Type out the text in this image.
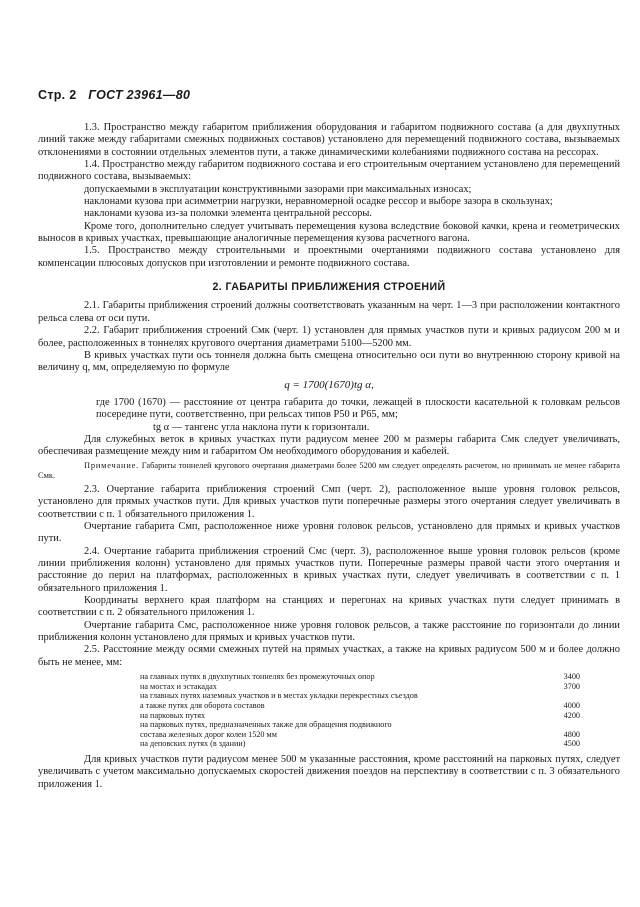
Стр. 2 ГОСТ 23961—80

1.3. Пространство между габаритом приближения оборудования и габаритом подвижного состава (а для двухпутных линий также между габаритами смежных подвижных составов) установлено для перемещений подвижного состава, вызываемых отклонениями в состоянии отдельных элементов пути, а также динамическими колебаниями подвижного состава на рессорах.

1.4. Пространство между габаритом подвижного состава и его строительным очертанием установлено для перемещений подвижного состава, вызываемых:

допускаемыми в эксплуатации конструктивными зазорами при максимальных износах;

наклонами кузова при асимметрии нагрузки, неравномерной осадке рессор и выборе зазора в скользунах;

наклонами кузова из-за поломки элемента центральной рессоры.

Кроме того, дополнительно следует учитывать перемещения кузова вследствие боковой качки, крена и геометрических выносов в кривых участках, превышающие аналогичные перемещения кузова расчетного вагона.

1.5. Пространство между строительными и проектными очертаниями подвижного состава установлено для компенсации плюсовых допусков при изготовлении и ремонте подвижного состава.

2. ГАБАРИТЫ ПРИБЛИЖЕНИЯ СТРОЕНИЙ

2.1. Габариты приближения строений должны соответствовать указанным на черт. 1—3 при расположении контактного рельса слева от оси пути.

2.2. Габарит приближения строений Смк (черт. 1) установлен для прямых участков пути и кривых радиусом 200 м и более, расположенных в тоннелях кругового очертания диаметрами 5100—5200 мм.

В кривых участках пути ось тоннеля должна быть смещена относительно оси пути во внутреннюю сторону кривой на величину q, мм, определяемую по формуле

q = 1700(1670)tg α,

где 1700 (1670) — расстояние от центра габарита до точки, лежащей в плоскости касательной к головкам рельсов посередине пути, соответственно, при рельсах типов Р50 и Р65, мм;

tg α — тангенс угла наклона пути к горизонтали.

Для служебных веток в кривых участках пути радиусом менее 200 м размеры габарита Смк следует увеличивать, обеспечивая размещение между ним и габаритом Ом необходимого оборудования и кабелей.

Примечание. Габариты тоннелей кругового очертания диаметрами более 5200 мм следует определять расчетом, но принимать не менее габарита Смк.

2.3. Очертание габарита приближения строений Смп (черт. 2), расположенное выше уровня головок рельсов, установлено для прямых участков пути. Для кривых участков пути поперечные размеры этого очертания следует увеличивать в соответствии с п. 1 обязательного приложения 1.

Очертание габарита Смп, расположенное ниже уровня головок рельсов, установлено для прямых и кривых участков пути.

2.4. Очертание габарита приближения строений Смс (черт. 3), расположенное выше уровня головок рельсов (кроме линии приближения колонн) установлено для прямых участков пути. Поперечные размеры правой части этого очертания и расстояние до перил на платформах, расположенных в кривых участках пути, следует увеличивать в соответствии с п. 1 обязательного приложения 1.

Координаты верхнего края платформ на станциях и перегонах на кривых участках пути следует принимать в соответствии с п. 2 обязательного приложения 1.

Очертание габарита Смс, расположенное ниже уровня головок рельсов, а также расстояние по горизонтали до линии приближения колонн установлено для прямых и кривых участков пути.

2.5. Расстояние между осями смежных путей на прямых участках, а также на кривых радиусом 500 м и более должно быть не менее, мм:

на главных путях в двухпутных тоннелях без промежуточных опор	3400
на мостах и эстакадах	3700
на главных путях наземных участков и в местах укладки перекрестных съездов	
а также путях для оборота составов	4000
на парковых путях	4200
на парковых путях, предназначенных также для обращения подвижного	
состава железных дорог колеи 1520 мм	4800
на деповских путях (в здании)	4500

Для кривых участков пути радиусом менее 500 м указанные расстояния, кроме расстояний на парковых путях, следует увеличивать с учетом максимально допускаемых скоростей движения поездов на перспективу в соответствии с п. 3 обязательного приложения 1.
